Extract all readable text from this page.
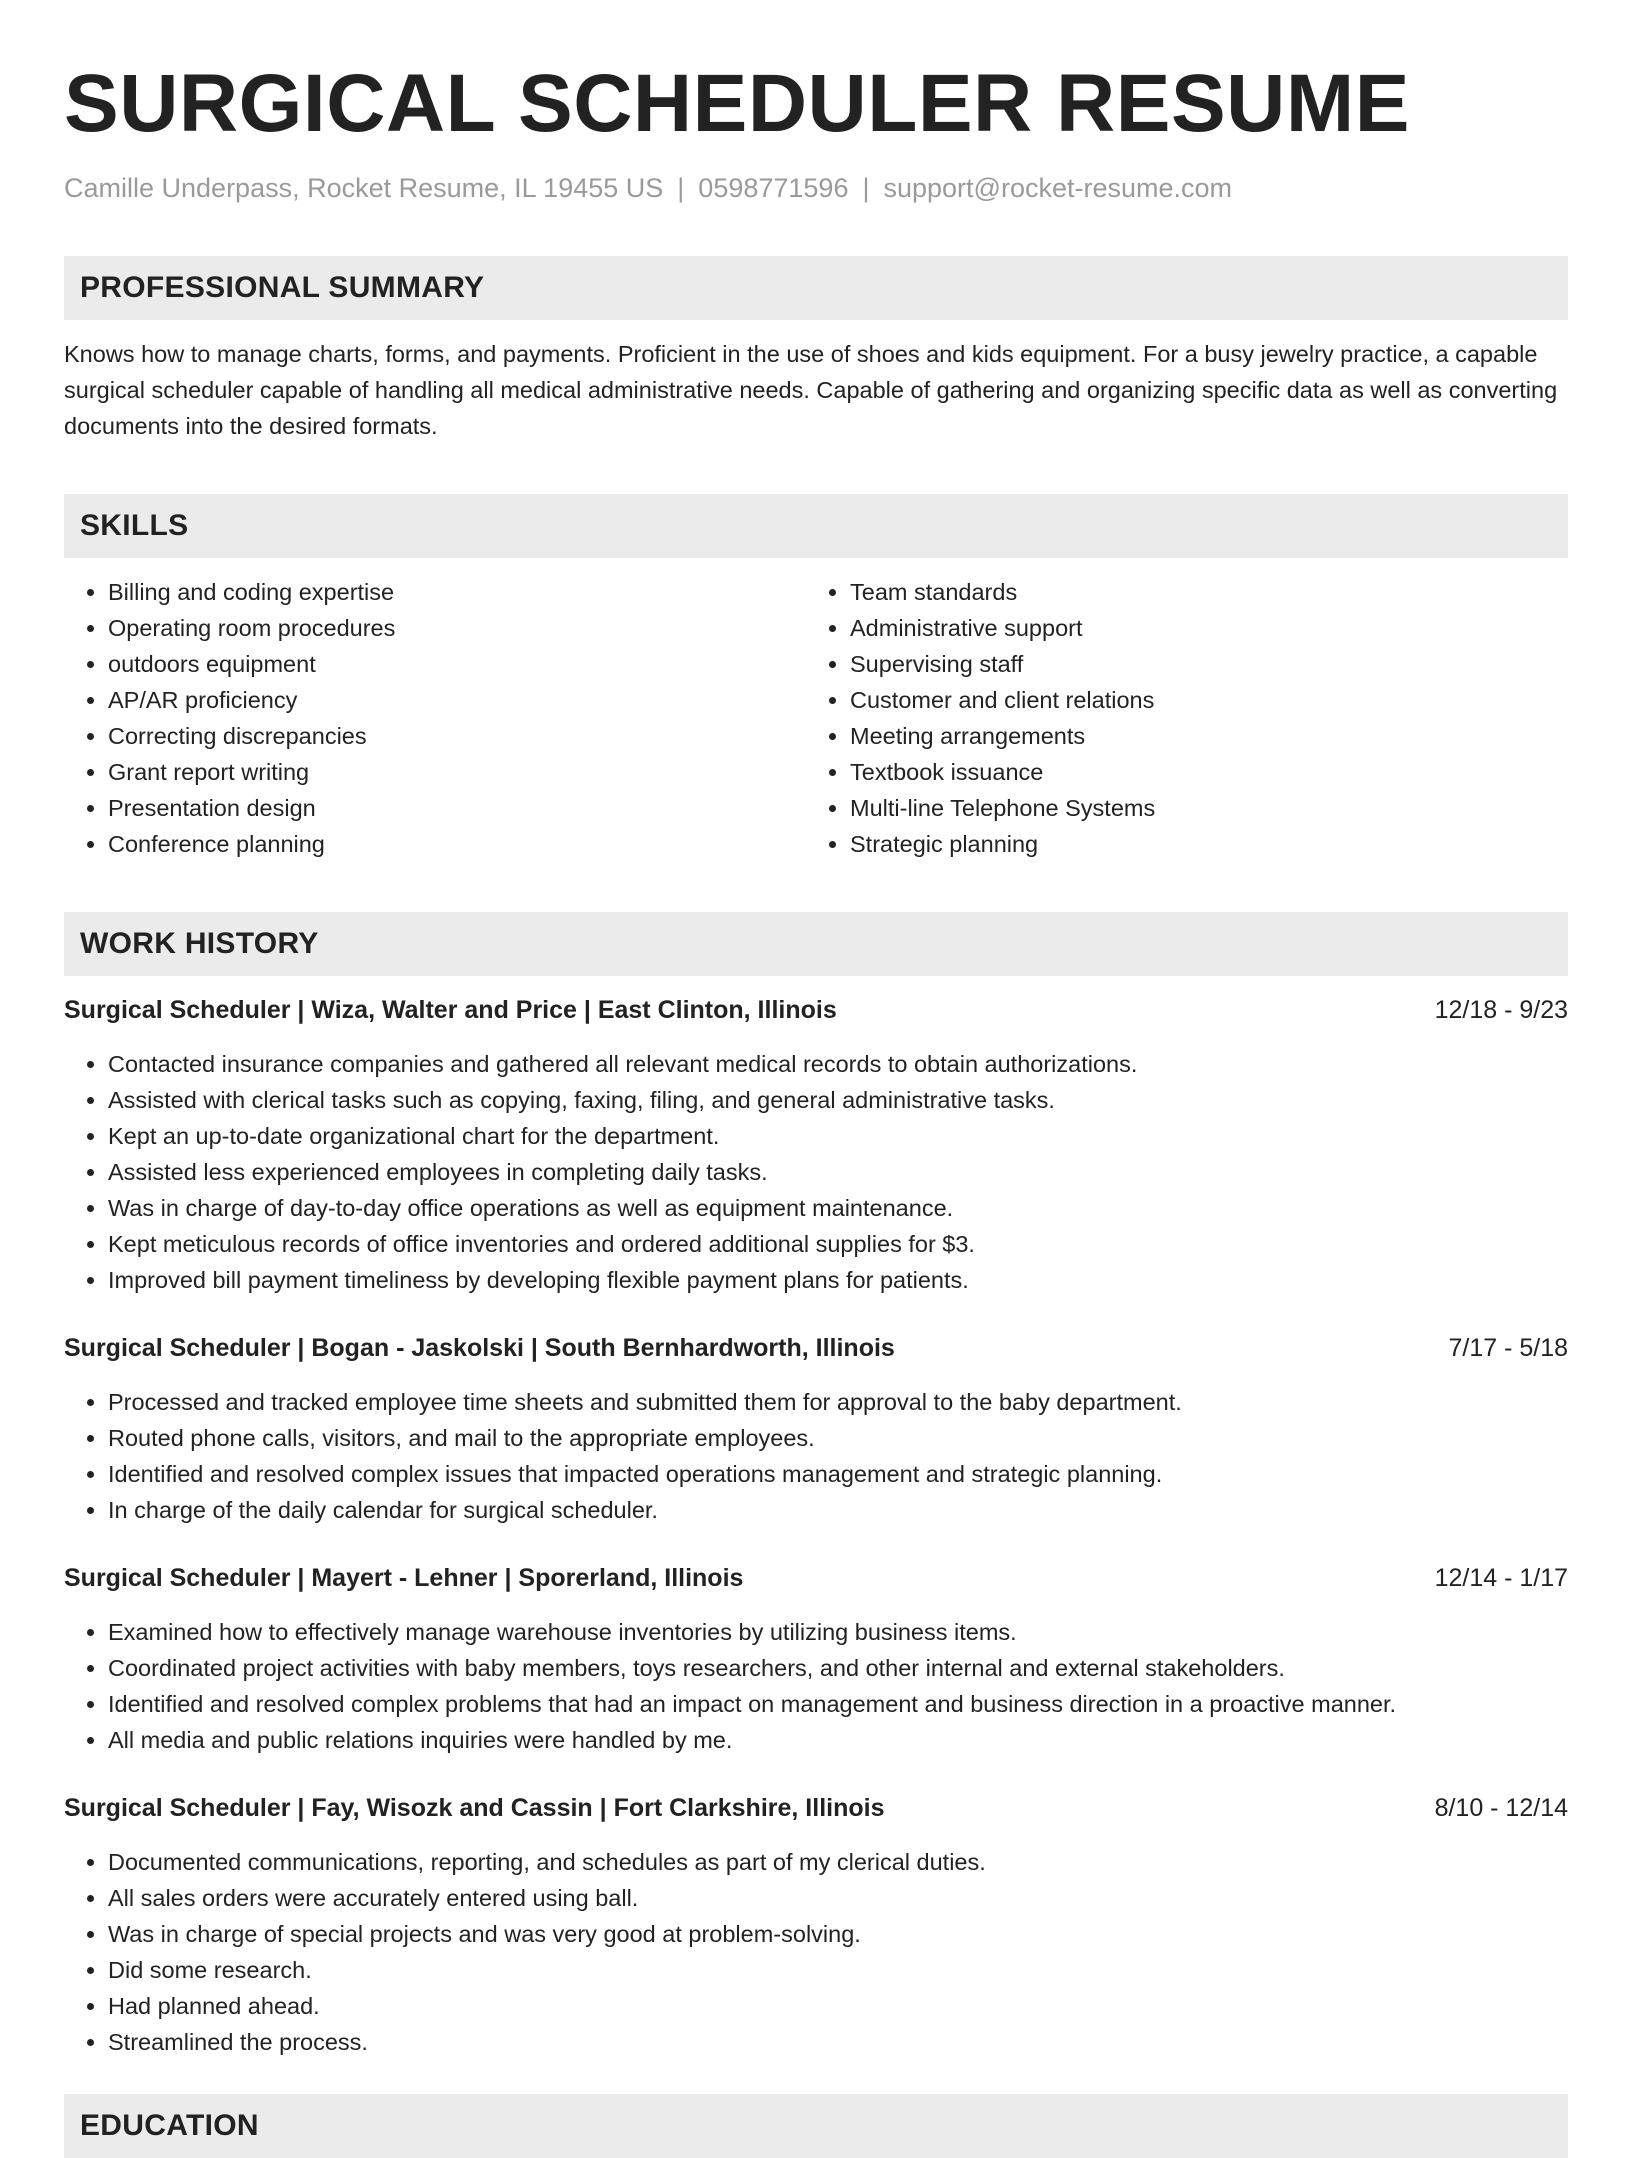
SURGICAL SCHEDULER RESUME
Camille Underpass, Rocket Resume, IL 19455 US | 0598771596 | support@rocket-resume.com
PROFESSIONAL SUMMARY

Knows how to manage charts, forms, and payments. Proficient in the use of shoes and kids equipment. For a busy jewelry practice, a capable surgical scheduler capable of handling all medical administrative needs. Capable of gathering and organizing specific data as well as converting documents into the desired formats.

SKILLS
• Billing and coding expertise
• Operating room procedures
• outdoors equipment
• AP/AR proficiency
• Correcting discrepancies
• Grant report writing
• Presentation design
• Conference planning
• Team standards
• Administrative support
• Supervising staff
• Customer and client relations
• Meeting arrangements
• Textbook issuance
• Multi-line Telephone Systems
• Strategic planning
WORK HISTORY
Surgical Scheduler | Wiza, Walter and Price | East Clinton, Illinois	12/18 - 9/23
• Contacted insurance companies and gathered all relevant medical records to obtain authorizations.
• Assisted with clerical tasks such as copying, faxing, filing, and general administrative tasks.
• Kept an up-to-date organizational chart for the department.
• Assisted less experienced employees in completing daily tasks.
• Was in charge of day-to-day office operations as well as equipment maintenance.
• Kept meticulous records of office inventories and ordered additional supplies for $3.
• Improved bill payment timeliness by developing flexible payment plans for patients.
Surgical Scheduler | Bogan - Jaskolski | South Bernhardworth, Illinois	7/17 - 5/18
• Processed and tracked employee time sheets and submitted them for approval to the baby department.
• Routed phone calls, visitors, and mail to the appropriate employees.
• Identified and resolved complex issues that impacted operations management and strategic planning.
• In charge of the daily calendar for surgical scheduler.
Surgical Scheduler | Mayert - Lehner | Sporerland, Illinois	12/14 - 1/17
• Examined how to effectively manage warehouse inventories by utilizing business items.
• Coordinated project activities with baby members, toys researchers, and other internal and external stakeholders.
• Identified and resolved complex problems that had an impact on management and business direction in a proactive manner.
• All media and public relations inquiries were handled by me.
Surgical Scheduler | Fay, Wisozk and Cassin | Fort Clarkshire, Illinois	8/10 - 12/14
• Documented communications, reporting, and schedules as part of my clerical duties.
• All sales orders were accurately entered using ball.
• Was in charge of special projects and was very good at problem-solving.
• Did some research.
• Had planned ahead.
• Streamlined the process.
EDUCATION
